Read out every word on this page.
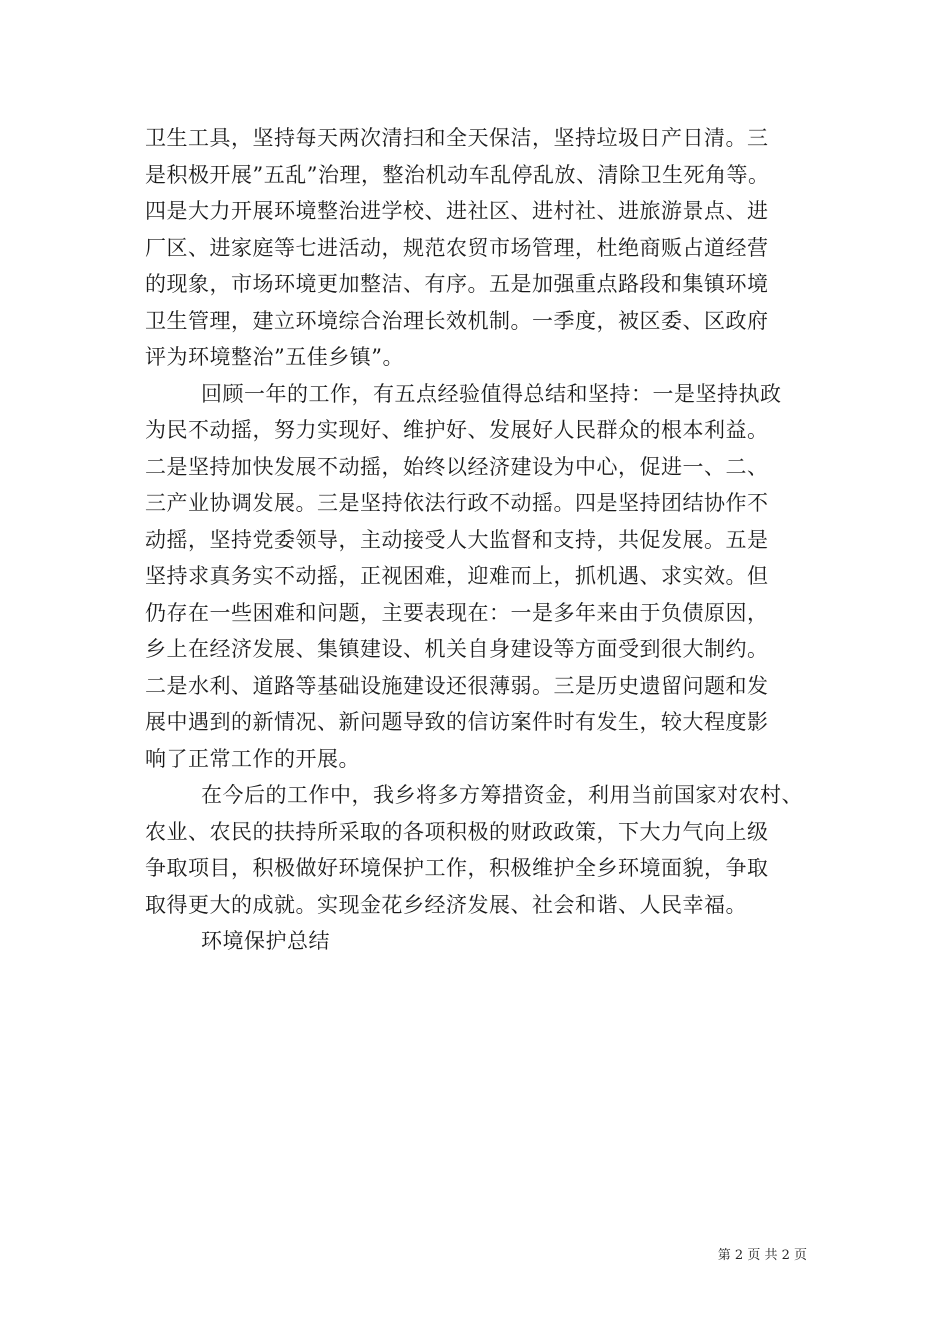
卫生工具，坚持每天两次清扫和全天保洁，坚持垃圾日产日清。三
是积极开展”五乱”治理，整治机动车乱停乱放、清除卫生死角等。
四是大力开展环境整治进学校、进社区、进村社、进旅游景点、进
厂区、进家庭等七进活动，规范农贸市场管理，杜绝商贩占道经营
的现象，市场环境更加整洁、有序。五是加强重点路段和集镇环境
卫生管理，建立环境综合治理长效机制。一季度，被区委、区政府
评为环境整治”五佳乡镇”。
回顾一年的工作，有五点经验值得总结和坚持：一是坚持执政
为民不动摇，努力实现好、维护好、发展好人民群众的根本利益。
二是坚持加快发展不动摇，始终以经济建设为中心，促进一、二、
三产业协调发展。三是坚持依法行政不动摇。四是坚持团结协作不
动摇，坚持党委领导，主动接受人大监督和支持，共促发展。五是
坚持求真务实不动摇，正视困难，迎难而上，抓机遇、求实效。但
仍存在一些困难和问题，主要表现在：一是多年来由于负债原因，
乡上在经济发展、集镇建设、机关自身建设等方面受到很大制约。
二是水利、道路等基础设施建设还很薄弱。三是历史遗留问题和发
展中遇到的新情况、新问题导致的信访案件时有发生，较大程度影
响了正常工作的开展。
在今后的工作中，我乡将多方筹措资金，利用当前国家对农村、
农业、农民的扶持所采取的各项积极的财政政策，下大力气向上级
争取项目，积极做好环境保护工作，积极维护全乡环境面貌，争取
取得更大的成就。实现金花乡经济发展、社会和谐、人民幸福。
环境保护总结
第 2 页 共 2 页
